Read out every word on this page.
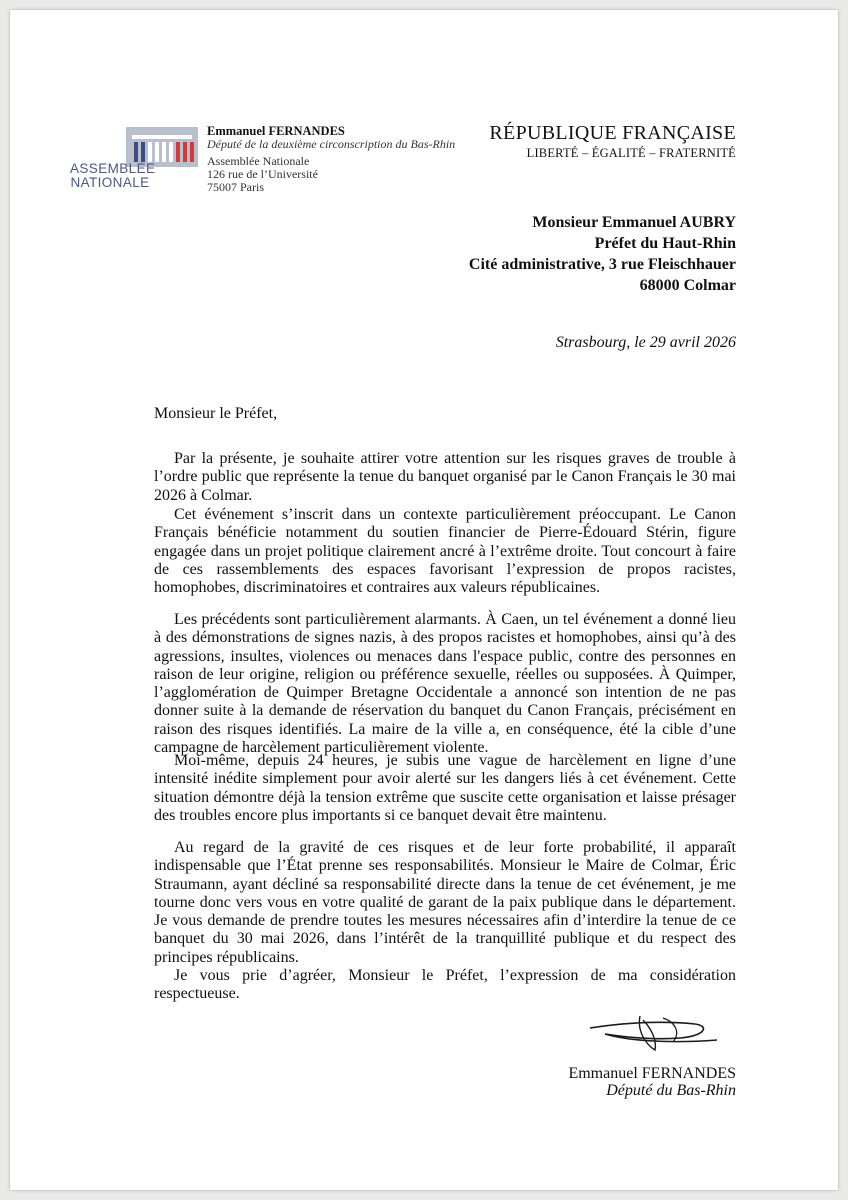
ASSEMBLÉE
NATIONALE
Emmanuel FERNANDES
Député de la deuxième circonscription du Bas-Rhin
Assemblée Nationale
126 rue de l’Université
75007 Paris
RÉPUBLIQUE FRANÇAISE
LIBERTÉ – ÉGALITÉ – FRATERNITÉ
Monsieur Emmanuel AUBRY
Préfet du Haut-Rhin
Cité administrative, 3 rue Fleischhauer
68000 Colmar
Strasbourg, le 29 avril 2026
Monsieur le Préfet,
Par la présente, je souhaite attirer votre attention sur les risques graves de trouble à l’ordre public que représente la tenue du banquet organisé par le Canon Français le 30 mai 2026 à Colmar.
Cet événement s’inscrit dans un contexte particulièrement préoccupant. Le Canon Français bénéficie notamment du soutien financier de Pierre-Édouard Stérin, figure engagée dans un projet politique clairement ancré à l’extrême droite. Tout concourt à faire de ces rassemblements des espaces favorisant l’expression de propos racistes, homophobes, discriminatoires et contraires aux valeurs républicaines.
Les précédents sont particulièrement alarmants. À Caen, un tel événement a donné lieu à des démonstrations de signes nazis, à des propos racistes et homophobes, ainsi qu’à des agressions, insultes, violences ou menaces dans l'espace public, contre des personnes en raison de leur origine, religion ou préférence sexuelle, réelles ou supposées. À Quimper, l’agglomération de Quimper Bretagne Occidentale a annoncé son intention de ne pas donner suite à la demande de réservation du banquet du Canon Français, précisément en raison des risques identifiés. La maire de la ville a, en conséquence, été la cible d’une campagne de harcèlement particulièrement violente.
Moi-même, depuis 24 heures, je subis une vague de harcèlement en ligne d’une intensité inédite simplement pour avoir alerté sur les dangers liés à cet événement. Cette situation démontre déjà la tension extrême que suscite cette organisation et laisse présager des troubles encore plus importants si ce banquet devait être maintenu.
Au regard de la gravité de ces risques et de leur forte probabilité, il apparaît indispensable que l’État prenne ses responsabilités. Monsieur le Maire de Colmar, Éric Straumann, ayant décliné sa responsabilité directe dans la tenue de cet événement, je me tourne donc vers vous en votre qualité de garant de la paix publique dans le département. Je vous demande de prendre toutes les mesures nécessaires afin d’interdire la tenue de ce banquet du 30 mai 2026, dans l’intérêt de la tranquillité publique et du respect des principes républicains.
Je vous prie d’agréer, Monsieur le Préfet, l’expression de ma considération respectueuse.
Emmanuel FERNANDES
Député du Bas-Rhin
